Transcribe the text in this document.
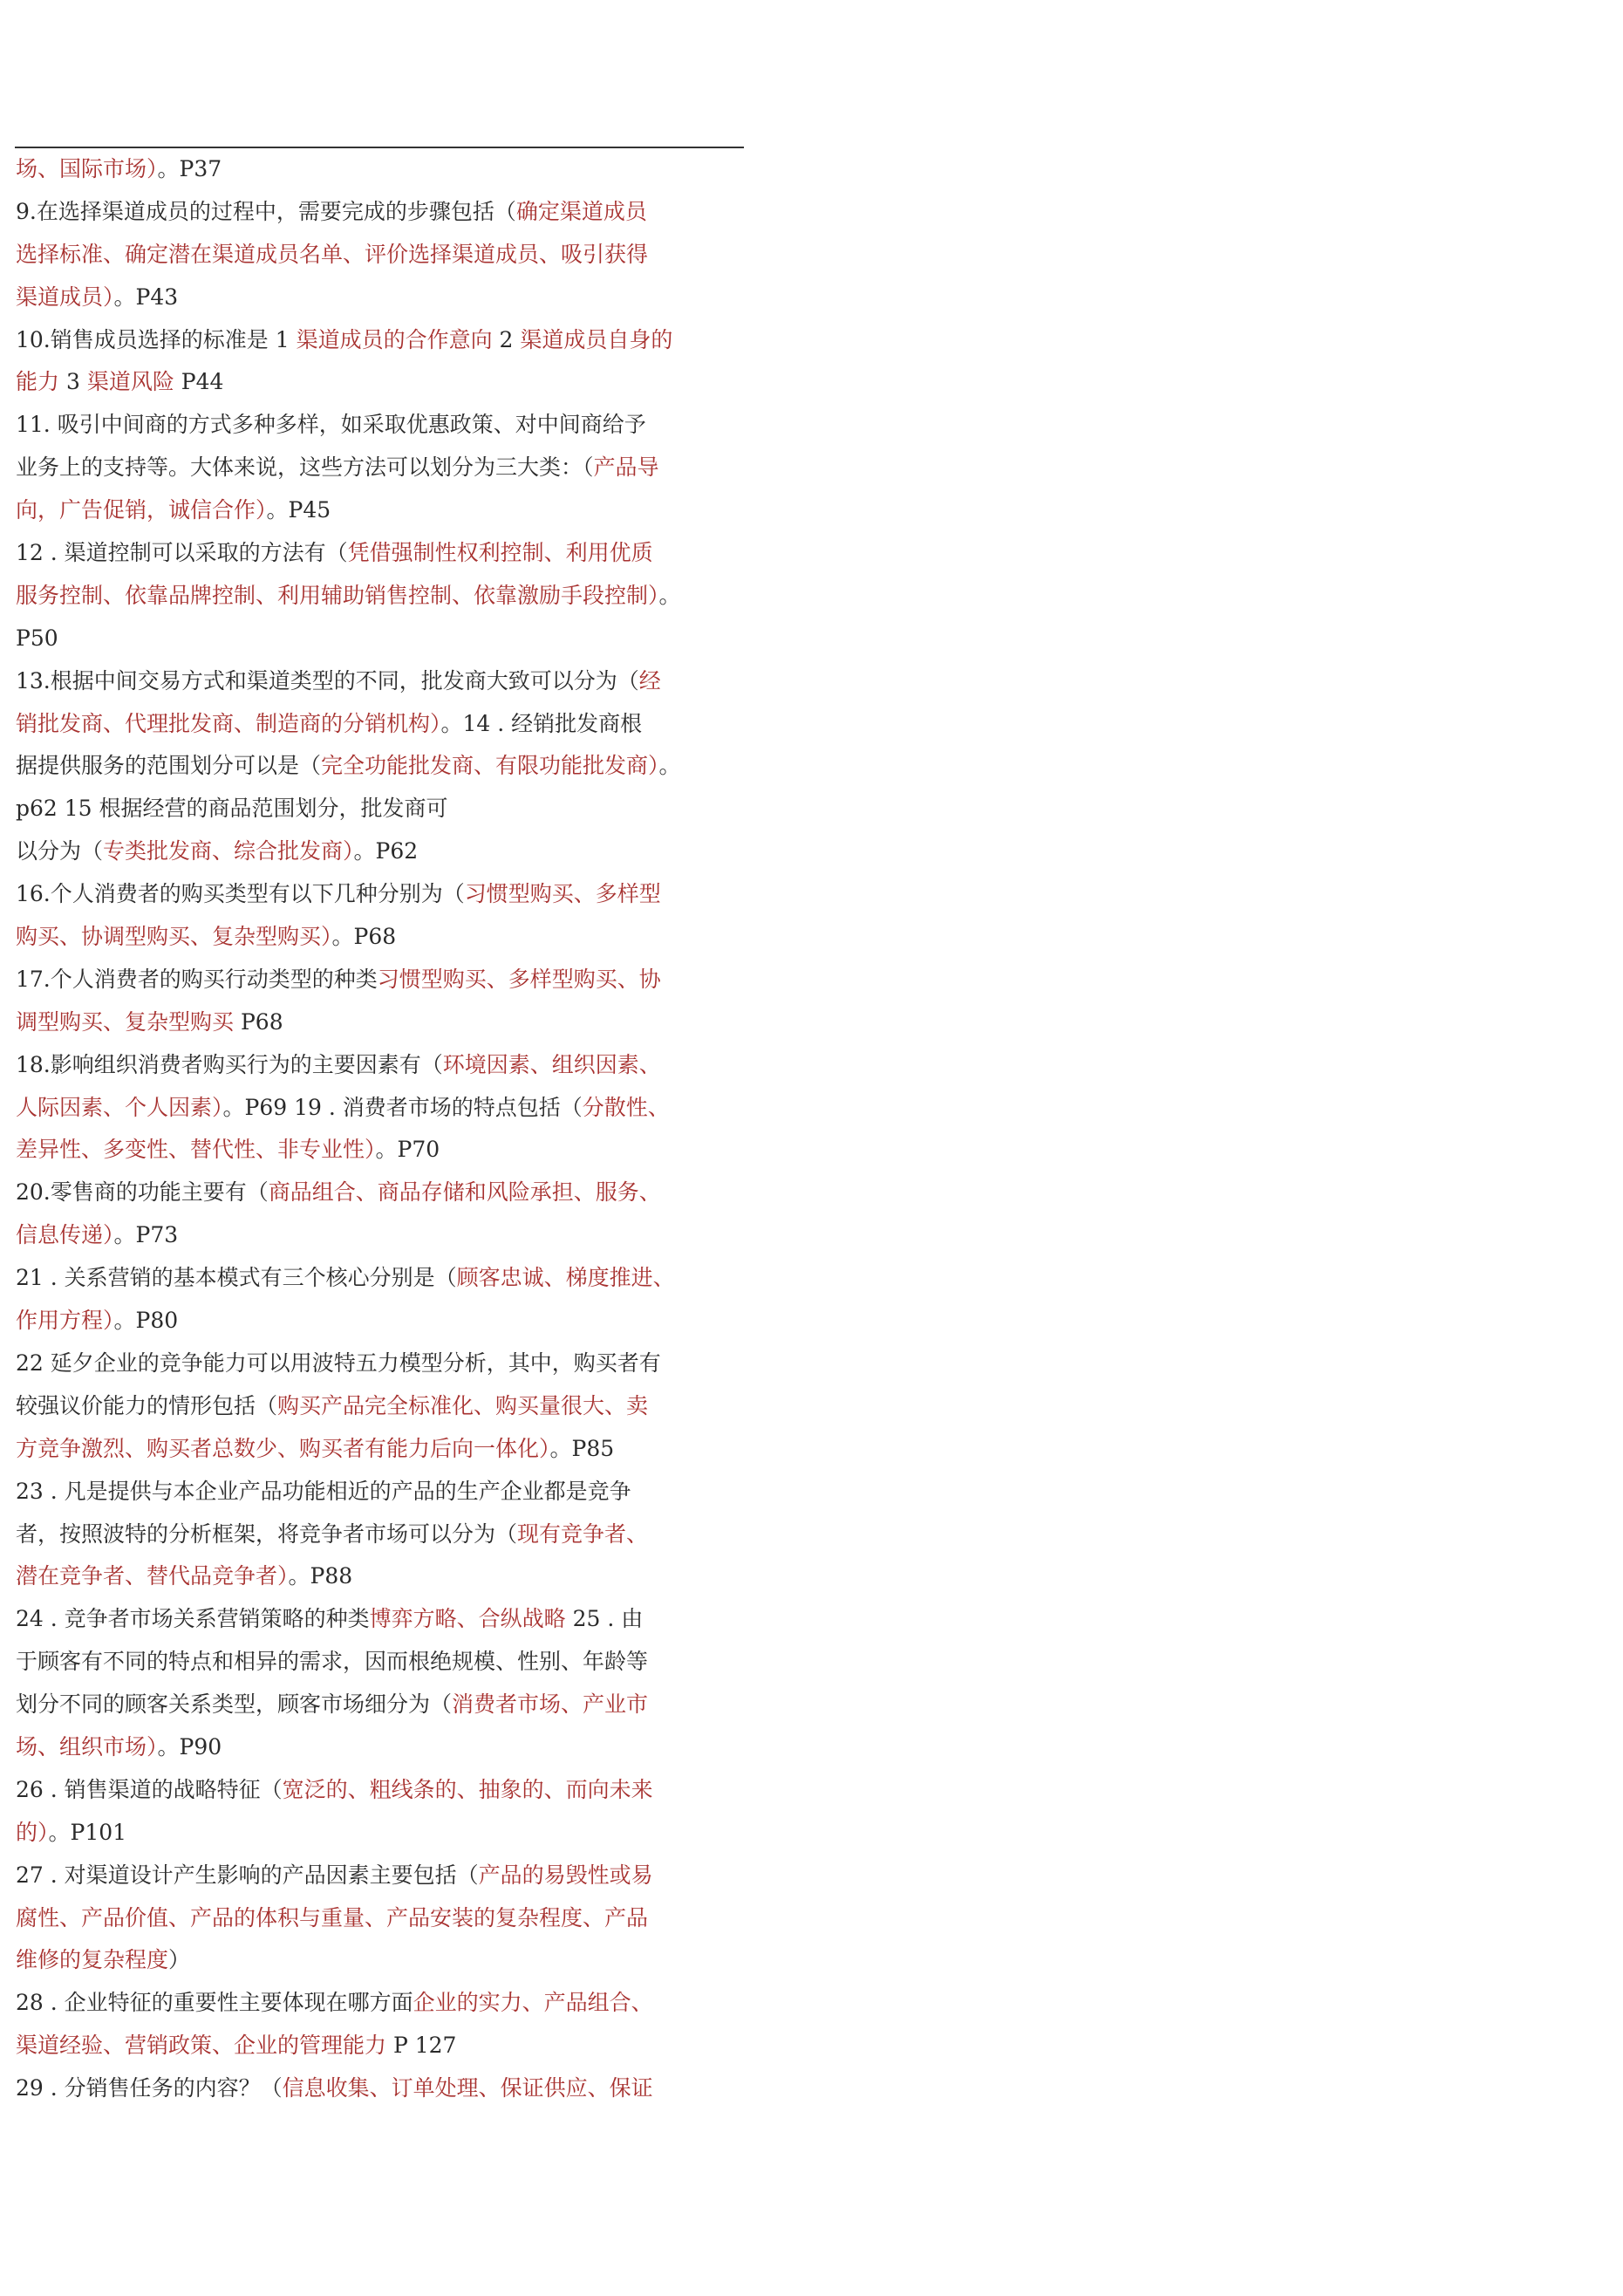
场、国际市场）。P37
9.在选择渠道成员的过程中，需要完成的步骤包括（确定渠道成员
选择标准、确定潜在渠道成员名单、评价选择渠道成员、吸引获得
渠道成员）。P43
10.销售成员选择的标准是 1 渠道成员的合作意向 2 渠道成员自身的
能力 3 渠道风险 P44
11. 吸引中间商的方式多种多样，如采取优惠政策、对中间商给予
业务上的支持等。大体来说，这些方法可以划分为三大类：（产品导
向，广告促销，诚信合作）。P45
12 . 渠道控制可以采取的方法有（凭借强制性权利控制、利用优质
服务控制、依靠品牌控制、利用辅助销售控制、依靠激励手段控制）。
P50
13.根据中间交易方式和渠道类型的不同，批发商大致可以分为（经
销批发商、代理批发商、制造商的分销机构）。14 . 经销批发商根
据提供服务的范围划分可以是（完全功能批发商、有限功能批发商）。
p62 15 根据经营的商品范围划分，批发商可
以分为（专类批发商、综合批发商）。P62
16.个人消费者的购买类型有以下几种分别为（习惯型购买、多样型
购买、协调型购买、复杂型购买）。P68
17.个人消费者的购买行动类型的种类习惯型购买、多样型购买、协
调型购买、复杂型购买 P68
18.影响组织消费者购买行为的主要因素有（环境因素、组织因素、
人际因素、个人因素）。P69 19 . 消费者市场的特点包括（分散性、
差异性、多变性、替代性、非专业性）。P70
20.零售商的功能主要有（商品组合、商品存储和风险承担、服务、
信息传递）。P73
21 . 关系营销的基本模式有三个核心分别是（顾客忠诚、梯度推进、
作用方程）。P80
22 延夕企业的竞争能力可以用波特五力模型分析，其中，购买者有
较强议价能力的情形包括（购买产品完全标准化、购买量很大、卖
方竞争激烈、购买者总数少、购买者有能力后向一体化）。P85
23 . 凡是提供与本企业产品功能相近的产品的生产企业都是竞争
者，按照波特的分析框架，将竞争者市场可以分为（现有竞争者、
潜在竞争者、替代品竞争者）。P88
24 . 竞争者市场关系营销策略的种类博弈方略、合纵战略 25 . 由
于顾客有不同的特点和相异的需求，因而根绝规模、性别、年龄等
划分不同的顾客关系类型，顾客市场细分为（消费者市场、产业市
场、组织市场）。P90
26 . 销售渠道的战略特征（宽泛的、粗线条的、抽象的、而向未来
的）。P101
27 . 对渠道设计产生影响的产品因素主要包括（产品的易毁性或易
腐性、产品价值、产品的体积与重量、产品安装的复杂程度、产品
维修的复杂程度）
28 . 企业特征的重要性主要体现在哪方面企业的实力、产品组合、
渠道经验、营销政策、企业的管理能力 P 127
29 . 分销售任务的内容？（信息收集、订单处理、保证供应、保证
